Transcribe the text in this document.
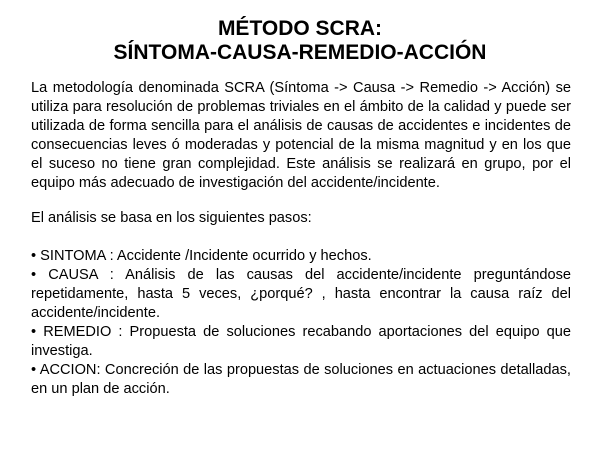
MÉTODO SCRA:
SÍNTOMA-CAUSA-REMEDIO-ACCIÓN

La metodología denominada SCRA (Síntoma -> Causa -> Remedio -> Acción) se utiliza para resolución de problemas triviales en el ámbito de la calidad y puede ser utilizada de forma sencilla para el análisis de causas de accidentes e incidentes de consecuencias leves ó moderadas y potencial de la misma magnitud y en los que el suceso no tiene gran complejidad. Este análisis se realizará en grupo, por el equipo más adecuado de investigación del accidente/incidente.

El análisis se basa en los siguientes pasos:

• SINTOMA : Accidente /Incidente ocurrido y hechos.
• CAUSA : Análisis de las causas del accidente/incidente preguntándose repetidamente, hasta 5 veces, ¿porqué? , hasta encontrar la causa raíz del accidente/incidente.
• REMEDIO : Propuesta de soluciones recabando aportaciones del equipo que investiga.
• ACCION: Concreción de las propuestas de soluciones en actuaciones detalladas, en un plan de acción.
